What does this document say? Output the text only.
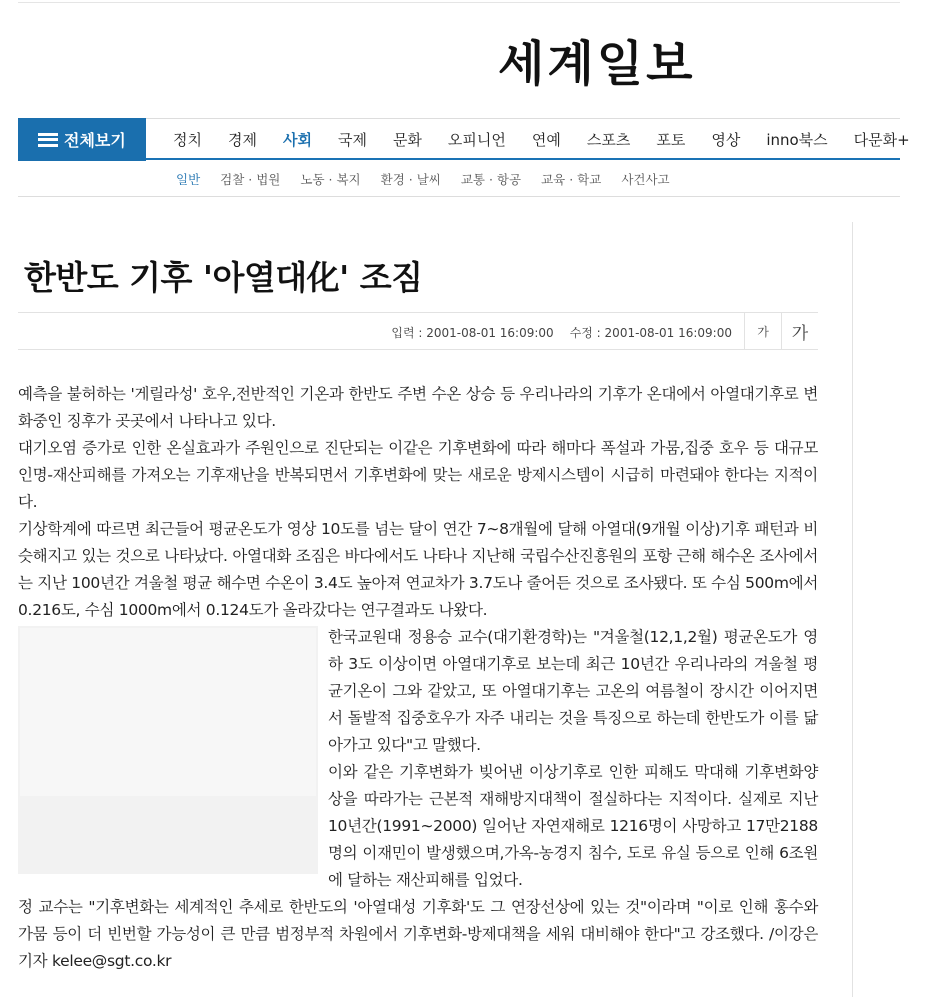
세계일보
전체보기	정치 경제 사회 국제 문화 오피니언 연예 스포츠 포토 영상 inno북스 다문화+
일반 검찰 · 법원 노동 · 복지 환경 · 날씨 교통 · 항공 교육 · 학교 사건사고
한반도 기후 '아열대化' 조짐
입력 : 2001-08-01 16:09:00 수정 : 2001-08-01 16:09:00	가	가

예측을 불허하는 '게릴라성' 호우,전반적인 기온과 한반도 주변 수온 상승 등 우리나라의 기후가 온대에서 아열대기후로 변화중인 징후가 곳곳에서 나타나고 있다.

대기오염 증가로 인한 온실효과가 주원인으로 진단되는 이같은 기후변화에 따라 해마다 폭설과 가뭄,집중 호우 등 대규모 인명-재산피해를 가져오는 기후재난을 반복되면서 기후변화에 맞는 새로운 방제시스템이 시급히 마련돼야 한다는 지적이다.

기상학계에 따르면 최근들어 평균온도가 영상 10도를 넘는 달이 연간 7∼8개월에 달해 아열대(9개월 이상)기후 패턴과 비슷해지고 있는 것으로 나타났다. 아열대화 조짐은 바다에서도 나타나 지난해 국립수산진흥원의 포항 근해 해수온 조사에서는 지난 100년간 겨울철 평균 해수면 수온이 3.4도 높아져 연교차가 3.7도나 줄어든 것으로 조사됐다. 또 수심 500m에서 0.216도, 수심 1000m에서 0.124도가 올라갔다는 연구결과도 나왔다.

한국교원대 정용승 교수(대기환경학)는 "겨울철(12,1,2월) 평균온도가 영하 3도 이상이면 아열대기후로 보는데 최근 10년간 우리나라의 겨울철 평균기온이 그와 같았고, 또 아열대기후는 고온의 여름철이 장시간 이어지면서 돌발적 집중호우가 자주 내리는 것을 특징으로 하는데 한반도가 이를 닮아가고 있다"고 말했다.

이와 같은 기후변화가 빚어낸 이상기후로 인한 피해도 막대해 기후변화양상을 따라가는 근본적 재해방지대책이 절실하다는 지적이다. 실제로 지난 10년간(1991∼2000) 일어난 자연재해로 1216명이 사망하고 17만2188명의 이재민이 발생했으며,가옥-농경지 침수, 도로 유실 등으로 인해 6조원에 달하는 재산피해를 입었다.

정 교수는 "기후변화는 세계적인 추세로 한반도의 '아열대성 기후화'도 그 연장선상에 있는 것"이라며 "이로 인해 홍수와 가뭄 등이 더 빈번할 가능성이 큰 만큼 범정부적 차원에서 기후변화-방제대책을 세워 대비해야 한다"고 강조했다. /이강은기자 kelee@sgt.co.kr
